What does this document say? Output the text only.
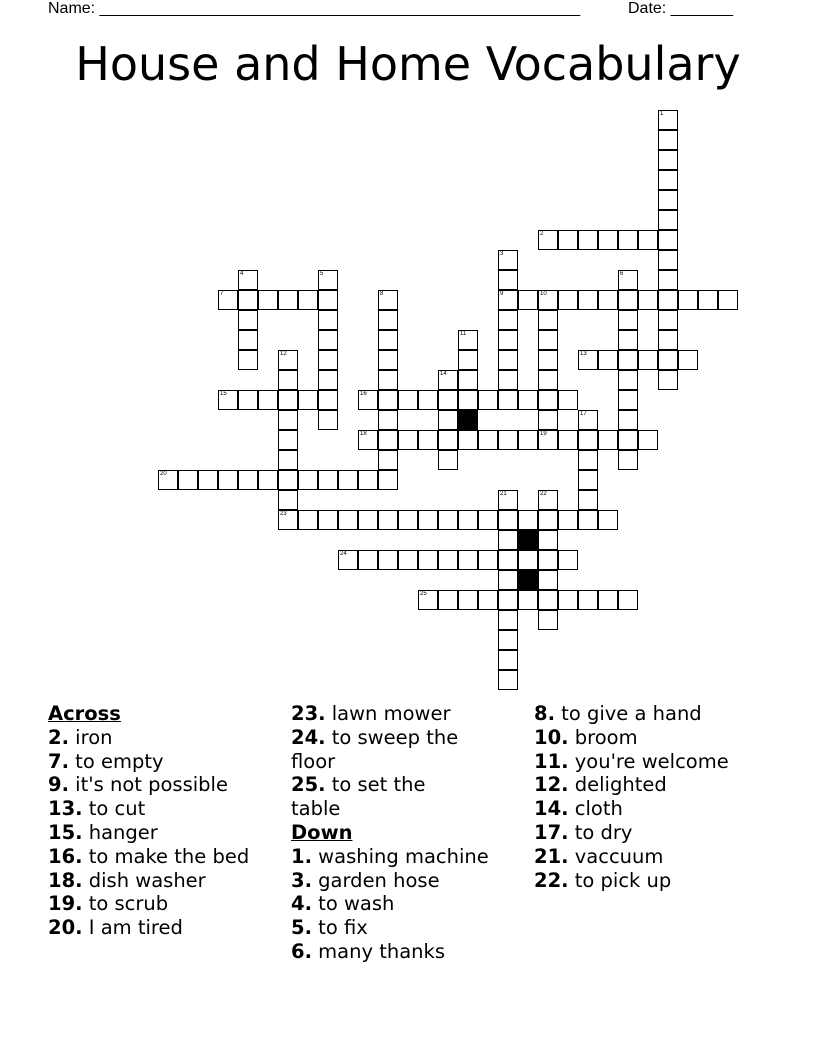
Name: ______________________________________________________	Date: _______
House and Home Vocabulary
1
2
3
9
4	5	6
7	8	10
11
12
23
13
14
15	16
17
18	19
20
21	22
24
25
Across
2. iron
7. to empty
9. it's not possible
13. to cut
15. hanger
16. to make the bed
18. dish washer
19. to scrub
20. I am tired
23. lawn mower
24. to sweep the floor
25. to set the table
Down
1. washing machine
3. garden hose
4. to wash
5. to fix
6. many thanks
8. to give a hand
10. broom
11. you're welcome
12. delighted
14. cloth
17. to dry
21. vaccuum
22. to pick up
